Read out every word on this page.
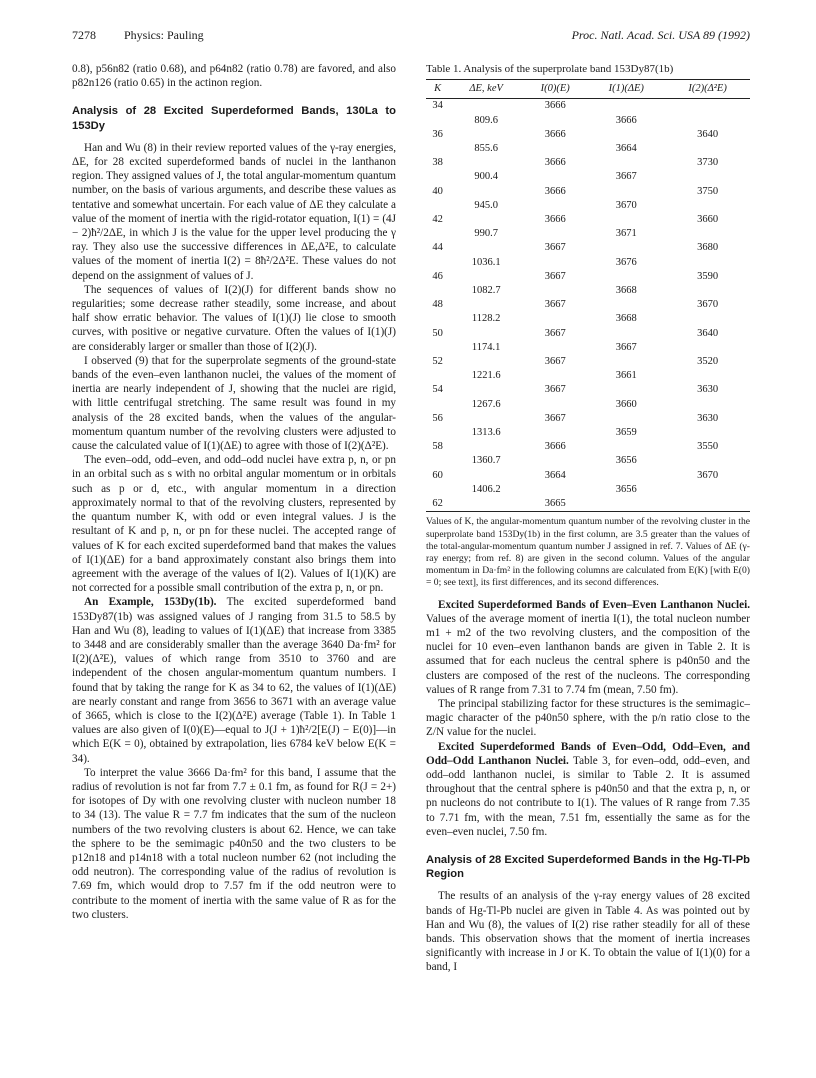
7278 Physics: Pauling	Proc. Natl. Acad. Sci. USA 89 (1992)

0.8), p56n82 (ratio 0.68), and p64n82 (ratio 0.78) are favored, and also p82n126 (ratio 0.65) in the actinon region.

Analysis of 28 Excited Superdeformed Bands, 130La to 153Dy

Han and Wu (8) in their review reported values of the γ-ray energies, ΔE, for 28 excited superdeformed bands of nuclei in the lanthanon region. They assigned values of J, the total angular-momentum quantum number, on the basis of various arguments, and describe these values as tentative and somewhat uncertain. For each value of ΔE they calculate a value of the moment of inertia with the rigid-rotator equation, I(1) = (4J − 2)ħ²/2ΔE, in which J is the value for the upper level producing the γ ray. They also use the successive differences in ΔE,Δ²E, to calculate values of the moment of inertia I(2) = 8ħ²/2Δ²E. These values do not depend on the assignment of values of J.

The sequences of values of I(2)(J) for different bands show no regularities; some decrease rather steadily, some increase, and about half show erratic behavior. The values of I(1)(J) lie close to smooth curves, with positive or negative curvature. Often the values of I(1)(J) are considerably larger or smaller than those of I(2)(J).

I observed (9) that for the superprolate segments of the ground-state bands of the even–even lanthanon nuclei, the values of the moment of inertia are nearly independent of J, showing that the nuclei are rigid, with little centrifugal stretching. The same result was found in my analysis of the 28 excited bands, when the values of the angular-momentum quantum number of the revolving clusters were adjusted to cause the calculated value of I(1)(ΔE) to agree with those of I(2)(Δ²E).

The even–odd, odd–even, and odd–odd nuclei have extra p, n, or pn in an orbital such as s with no orbital angular momentum or in orbitals such as p or d, etc., with angular momentum in a direction approximately normal to that of the revolving clusters, represented by the quantum number K, with odd or even integral values. J is the resultant of K and p, n, or pn for these nuclei. The accepted range of values of K for each excited superdeformed band that makes the values of I(1)(ΔE) for a band approximately constant also brings them into agreement with the average of the values of I(2). Values of I(1)(K) are not corrected for a possible small contribution of the extra p, n, or pn.

An Example, 153Dy(1b). The excited superdeformed band 153Dy87(1b) was assigned values of J ranging from 31.5 to 58.5 by Han and Wu (8), leading to values of I(1)(ΔE) that increase from 3385 to 3448 and are considerably smaller than the average 3640 Da·fm² for I(2)(Δ²E), values of which range from 3510 to 3760 and are independent of the chosen angular-momentum quantum numbers. I found that by taking the range for K as 34 to 62, the values of I(1)(ΔE) are nearly constant and range from 3656 to 3671 with an average value of 3665, which is close to the I(2)(Δ²E) average (Table 1). In Table 1 values are also given of I(0)(E)—equal to J(J + 1)ħ²/2[E(J) − E(0)]—in which E(K = 0), obtained by extrapolation, lies 6784 keV below E(K = 34).

To interpret the value 3666 Da·fm² for this band, I assume that the radius of revolution is not far from 7.7 ± 0.1 fm, as found for R(J = 2+) for isotopes of Dy with one revolving cluster with nucleon number 18 to 34 (13). The value R = 7.7 fm indicates that the sum of the nucleon numbers of the two revolving clusters is about 62. Hence, we can take the sphere to be the semimagic p40n50 and the two clusters to be p12n18 and p14n18 with a total nucleon number 62 (not including the odd neutron). The corresponding value of the radius of revolution is 7.69 fm, which would drop to 7.57 fm if the odd neutron were to contribute to the moment of inertia with the same value of R as for the two clusters.

Table 1. Analysis of the superprolate band 153Dy87(1b)
K	ΔE, keV	I(0)(E)	I(1)(ΔE)	I(2)(Δ²E)
34		3666		
	809.6		3666	
36		3666		3640
	855.6		3664	
38		3666		3730
	900.4		3667	
40		3666		3750
	945.0		3670	
42		3666		3660
	990.7		3671	
44		3667		3680
	1036.1		3676	
46		3667		3590
	1082.7		3668	
48		3667		3670
	1128.2		3668	
50		3667		3640
	1174.1		3667	
52		3667		3520
	1221.6		3661	
54		3667		3630
	1267.6		3660	
56		3667		3630
	1313.6		3659	
58		3666		3550
	1360.7		3656	
60		3664		3670
	1406.2		3656	
62		3665		
Values of K, the angular-momentum quantum number of the revolving cluster in the superprolate band 153Dy(1b) in the first column, are 3.5 greater than the values of the total-angular-momentum quantum number J assigned in ref. 7. Values of ΔE (γ-ray energy; from ref. 8) are given in the second column. Values of the angular momentum in Da·fm² in the following columns are calculated from E(K) [with E(0) = 0; see text], its first differences, and its second differences.

Excited Superdeformed Bands of Even–Even Lanthanon Nuclei. Values of the average moment of inertia I(1), the total nucleon number m1 + m2 of the two revolving clusters, and the composition of the nuclei for 10 even–even lanthanon bands are given in Table 2. It is assumed that for each nucleus the central sphere is p40n50 and the clusters are composed of the rest of the nucleons. The corresponding values of R range from 7.31 to 7.74 fm (mean, 7.50 fm).

The principal stabilizing factor for these structures is the semimagic–magic character of the p40n50 sphere, with the p/n ratio close to the Z/N value for the nuclei.

Excited Superdeformed Bands of Even–Odd, Odd–Even, and Odd–Odd Lanthanon Nuclei. Table 3, for even–odd, odd–even, and odd–odd lanthanon nuclei, is similar to Table 2. It is assumed throughout that the central sphere is p40n50 and that the extra p, n, or pn nucleons do not contribute to I(1). The values of R range from 7.35 to 7.71 fm, with the mean, 7.51 fm, essentially the same as for the even–even nuclei, 7.50 fm.

Analysis of 28 Excited Superdeformed Bands in the Hg-Tl-Pb Region

The results of an analysis of the γ-ray energy values of 28 excited bands of Hg-Tl-Pb nuclei are given in Table 4. As was pointed out by Han and Wu (8), the values of I(2) rise rather steadily for all of these bands. This observation shows that the moment of inertia increases significantly with increase in J or K. To obtain the value of I(1)(0) for a band, I
